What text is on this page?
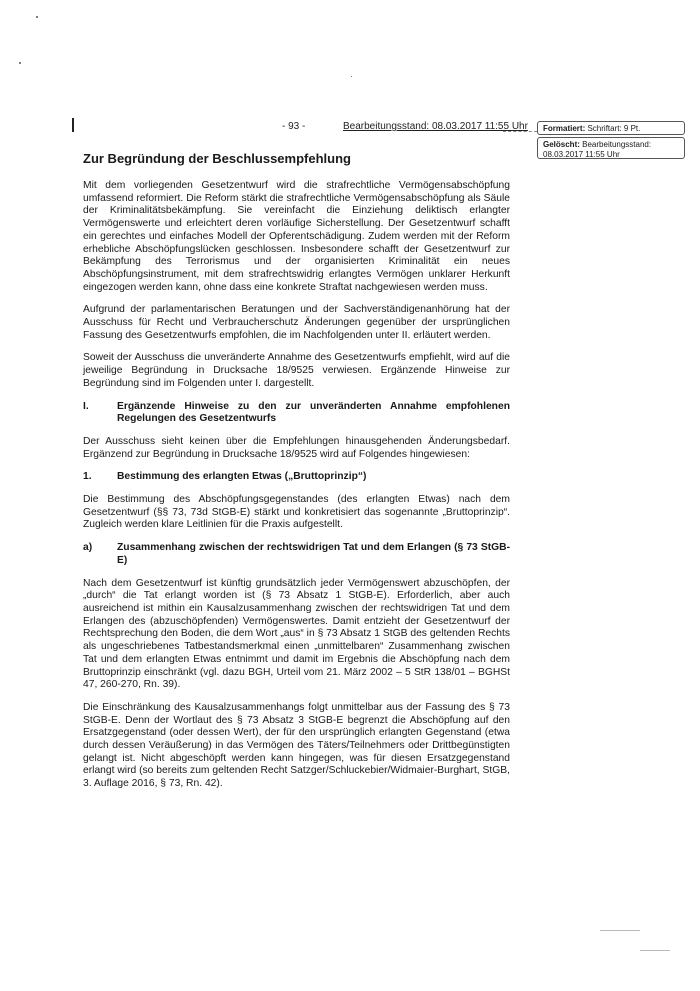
- 93 -	Bearbeitungsstand: 08.03.2017 11:55 Uhr	Formatiert: Schriftart: 9 Pt.
Gelöscht: Bearbeitungsstand: 08.03.2017 11:55 Uhr
Zur Begründung der Beschlussempfehlung

Mit dem vorliegenden Gesetzentwurf wird die strafrechtliche Vermögensabschöpfung umfassend reformiert. Die Reform stärkt die strafrechtliche Vermögensabschöpfung als Säule der Kriminalitätsbekämpfung. Sie vereinfacht die Einziehung deliktisch erlangter Vermögenswerte und erleichtert deren vorläufige Sicherstellung. Der Gesetzentwurf schafft ein gerechtes und einfaches Modell der Opferentschädigung. Zudem werden mit der Reform erhebliche Abschöpfungslücken geschlossen. Insbesondere schafft der Gesetzentwurf zur Bekämpfung des Terrorismus und der organisierten Kriminalität ein neues Abschöpfungsinstrument, mit dem strafrechtswidrig erlangtes Vermögen unklarer Herkunft eingezogen werden kann, ohne dass eine konkrete Straftat nachgewiesen werden muss.

Aufgrund der parlamentarischen Beratungen und der Sachverständigenanhörung hat der Ausschuss für Recht und Verbraucherschutz Änderungen gegenüber der ursprünglichen Fassung des Gesetzentwurfs empfohlen, die im Nachfolgenden unter II. erläutert werden.

Soweit der Ausschuss die unveränderte Annahme des Gesetzentwurfs empfiehlt, wird auf die jeweilige Begründung in Drucksache 18/9525 verwiesen. Ergänzende Hinweise zur Begründung sind im Folgenden unter I. dargestellt.

I.	Ergänzende Hinweise zu den zur unveränderten Annahme empfohlenen Regelungen des Gesetzentwurfs

Der Ausschuss sieht keinen über die Empfehlungen hinausgehenden Änderungsbedarf. Ergänzend zur Begründung in Drucksache 18/9525 wird auf Folgendes hingewiesen:

1.	Bestimmung des erlangten Etwas („Bruttoprinzip“)

Die Bestimmung des Abschöpfungsgegenstandes (des erlangten Etwas) nach dem Gesetzentwurf (§§ 73, 73d StGB-E) stärkt und konkretisiert das sogenannte „Bruttoprinzip“. Zugleich werden klare Leitlinien für die Praxis aufgestellt.

a)	Zusammenhang zwischen der rechtswidrigen Tat und dem Erlangen (§ 73 StGB-E)

Nach dem Gesetzentwurf ist künftig grundsätzlich jeder Vermögenswert abzuschöpfen, der „durch“ die Tat erlangt worden ist (§ 73 Absatz 1 StGB-E). Erforderlich, aber auch ausreichend ist mithin ein Kausalzusammenhang zwischen der rechtswidrigen Tat und dem Erlangen des (abzuschöpfenden) Vermögenswertes. Damit entzieht der Gesetzentwurf der Rechtsprechung den Boden, die dem Wort „aus“ in § 73 Absatz 1 StGB des geltenden Rechts als ungeschriebenes Tatbestandsmerkmal einen „unmittelbaren“ Zusammenhang zwischen Tat und dem erlangten Etwas entnimmt und damit im Ergebnis die Abschöpfung nach dem Bruttoprinzip einschränkt (vgl. dazu BGH, Urteil vom 21. März 2002 – 5 StR 138/01 – BGHSt 47, 260-270, Rn. 39).

Die Einschränkung des Kausalzusammenhangs folgt unmittelbar aus der Fassung des § 73 StGB-E. Denn der Wortlaut des § 73 Absatz 3 StGB-E begrenzt die Abschöpfung auf den Ersatzgegenstand (oder dessen Wert), der für den ursprünglich erlangten Gegenstand (etwa durch dessen Veräußerung) in das Vermögen des Täters/Teilnehmers oder Drittbegünstigten gelangt ist. Nicht abgeschöpft werden kann hingegen, was für diesen Ersatzgegenstand erlangt wird (so bereits zum geltenden Recht Satzger/Schluckebier/Widmaier-Burghart, StGB, 3. Auflage 2016, § 73, Rn. 42).
